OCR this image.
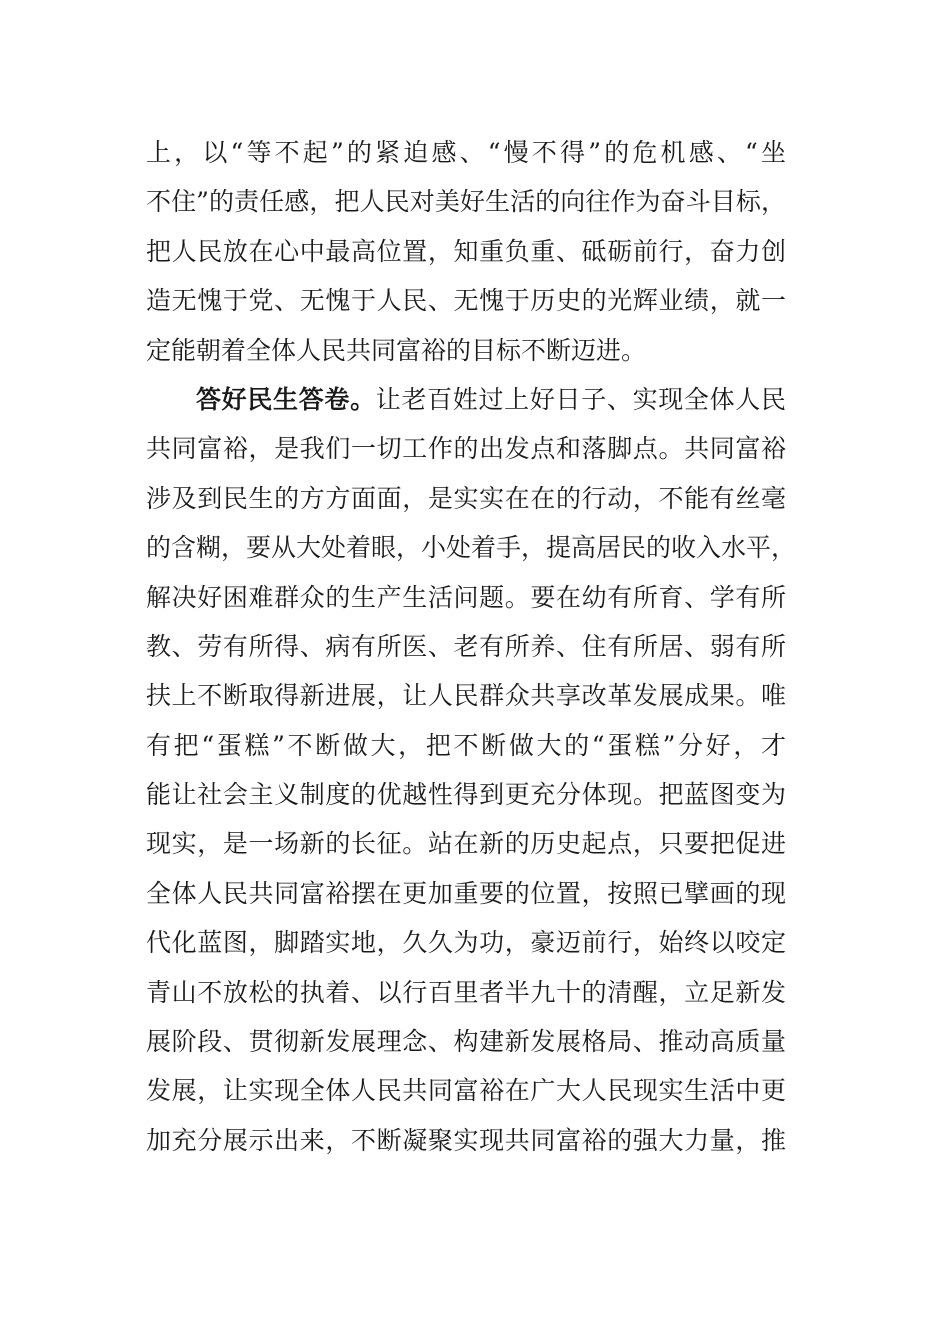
上，以“等不起”的紧迫感、“慢不得”的危机感、“坐
不住”的责任感，把人民对美好生活的向往作为奋斗目标，
把人民放在心中最高位置，知重负重、砥砺前行，奋力创
造无愧于党、无愧于人民、无愧于历史的光辉业绩，就一
定能朝着全体人民共同富裕的目标不断迈进。
答好民生答卷。让老百姓过上好日子、实现全体人民
共同富裕，是我们一切工作的出发点和落脚点。共同富裕
涉及到民生的方方面面，是实实在在的行动，不能有丝毫
的含糊，要从大处着眼，小处着手，提高居民的收入水平，
解决好困难群众的生产生活问题。要在幼有所育、学有所
教、劳有所得、病有所医、老有所养、住有所居、弱有所
扶上不断取得新进展，让人民群众共享改革发展成果。唯
有把“蛋糕”不断做大，把不断做大的“蛋糕”分好，才
能让社会主义制度的优越性得到更充分体现。把蓝图变为
现实，是一场新的长征。站在新的历史起点，只要把促进
全体人民共同富裕摆在更加重要的位置，按照已擘画的现
代化蓝图，脚踏实地，久久为功，豪迈前行，始终以咬定
青山不放松的执着、以行百里者半九十的清醒，立足新发
展阶段、贯彻新发展理念、构建新发展格局、推动高质量
发展，让实现全体人民共同富裕在广大人民现实生活中更
加充分展示出来，不断凝聚实现共同富裕的强大力量，推
